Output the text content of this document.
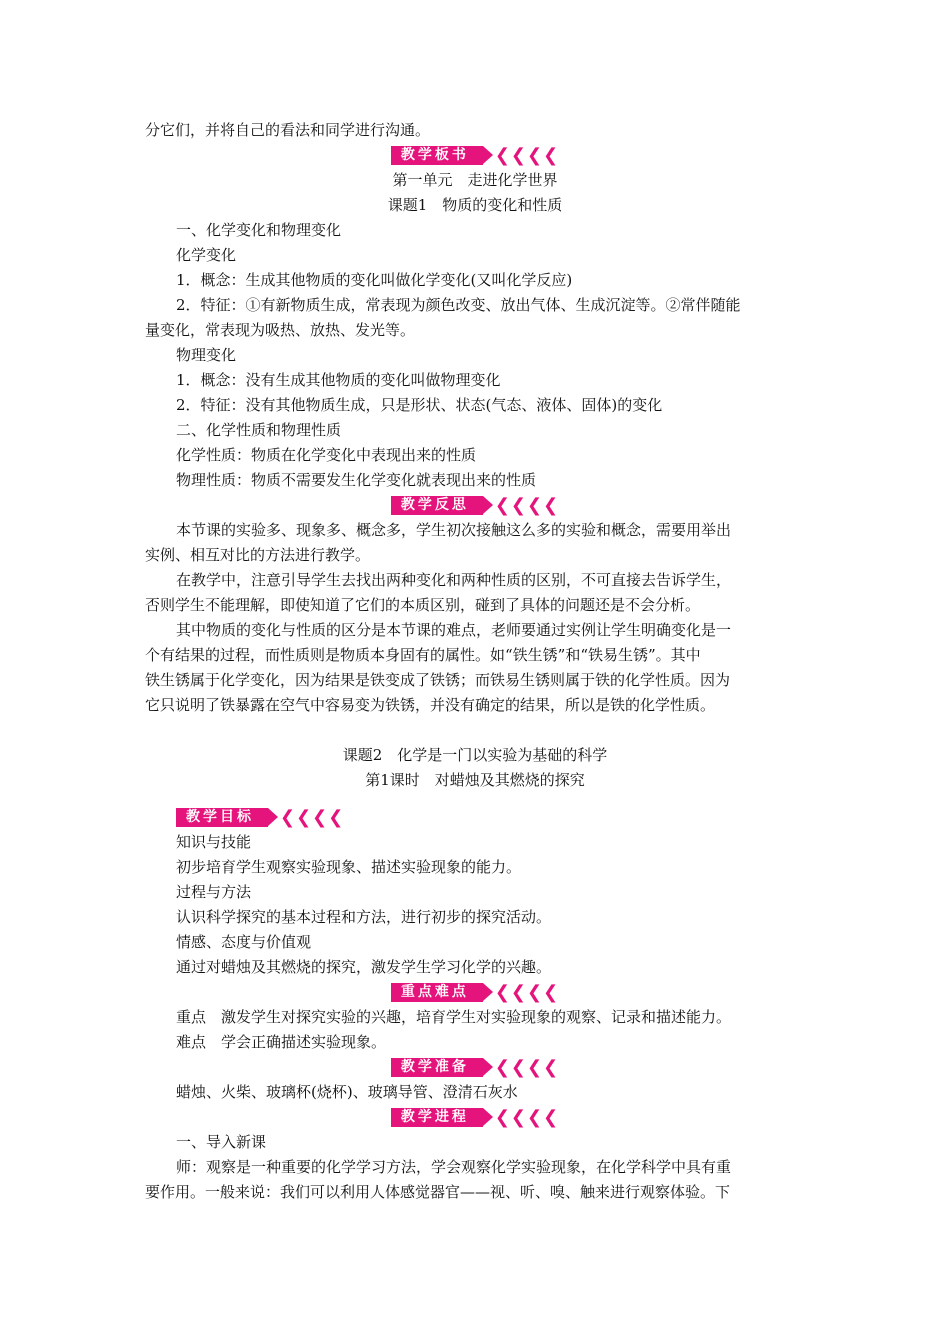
分它们，并将自己的看法和同学进行沟通。
教学板书	❮❮❮❮
第一单元　走进化学世界
课题1　物质的变化和性质
一、化学变化和物理变化
化学变化
1．概念：生成其他物质的变化叫做化学变化(又叫化学反应)
2．特征：①有新物质生成，常表现为颜色改变、放出气体、生成沉淀等。②常伴随能
量变化，常表现为吸热、放热、发光等。
物理变化
1．概念：没有生成其他物质的变化叫做物理变化
2．特征：没有其他物质生成，只是形状、状态(气态、液体、固体)的变化
二、化学性质和物理性质
化学性质：物质在化学变化中表现出来的性质
物理性质：物质不需要发生化学变化就表现出来的性质
教学反思	❮❮❮❮
本节课的实验多、现象多、概念多，学生初次接触这么多的实验和概念，需要用举出
实例、相互对比的方法进行教学。
在教学中，注意引导学生去找出两种变化和两种性质的区别，不可直接去告诉学生，
否则学生不能理解，即使知道了它们的本质区别，碰到了具体的问题还是不会分析。
其中物质的变化与性质的区分是本节课的难点，老师要通过实例让学生明确变化是一
个有结果的过程，而性质则是物质本身固有的属性。如“铁生锈”和“铁易生锈”。其中
铁生锈属于化学变化，因为结果是铁变成了铁锈；而铁易生锈则属于铁的化学性质。因为
它只说明了铁暴露在空气中容易变为铁锈，并没有确定的结果，所以是铁的化学性质。
课题2　化学是一门以实验为基础的科学
第1课时　对蜡烛及其燃烧的探究
教学目标	❮❮❮❮
知识与技能
初步培育学生观察实验现象、描述实验现象的能力。
过程与方法
认识科学探究的基本过程和方法，进行初步的探究活动。
情感、态度与价值观
通过对蜡烛及其燃烧的探究，激发学生学习化学的兴趣。
重点难点	❮❮❮❮
重点　激发学生对探究实验的兴趣，培育学生对实验现象的观察、记录和描述能力。
难点　学会正确描述实验现象。
教学准备	❮❮❮❮
蜡烛、火柴、玻璃杯(烧杯)、玻璃导管、澄清石灰水
教学进程	❮❮❮❮
一、导入新课
师：观察是一种重要的化学学习方法，学会观察化学实验现象，在化学科学中具有重
要作用。一般来说：我们可以利用人体感觉器官——视、听、嗅、触来进行观察体验。下
